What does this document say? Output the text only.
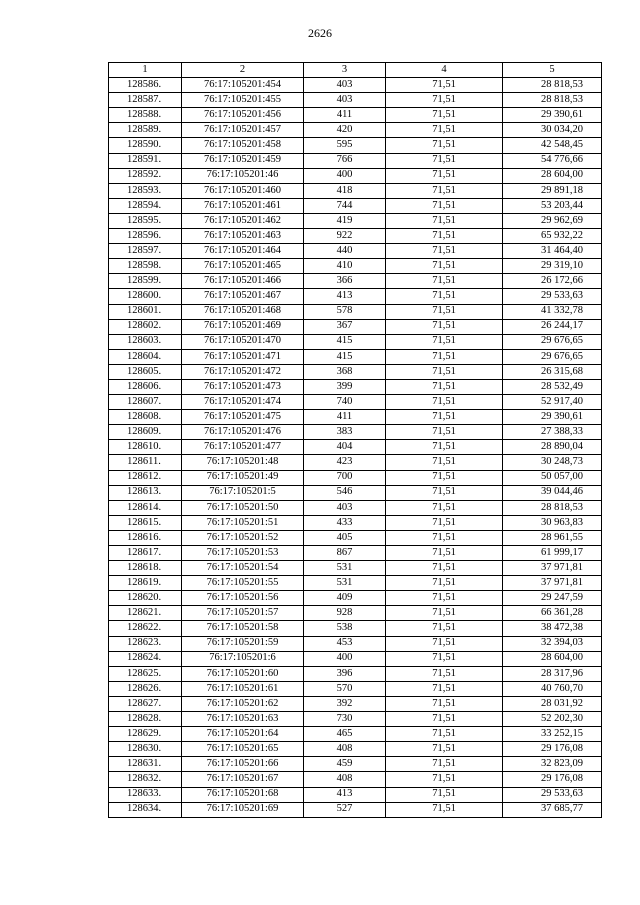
2626
1	2	3	4	5
128586.	76:17:105201:454	403	71,51	28 818,53
128587.	76:17:105201:455	403	71,51	28 818,53
128588.	76:17:105201:456	411	71,51	29 390,61
128589.	76:17:105201:457	420	71,51	30 034,20
128590.	76:17:105201:458	595	71,51	42 548,45
128591.	76:17:105201:459	766	71,51	54 776,66
128592.	76:17:105201:46	400	71,51	28 604,00
128593.	76:17:105201:460	418	71,51	29 891,18
128594.	76:17:105201:461	744	71,51	53 203,44
128595.	76:17:105201:462	419	71,51	29 962,69
128596.	76:17:105201:463	922	71,51	65 932,22
128597.	76:17:105201:464	440	71,51	31 464,40
128598.	76:17:105201:465	410	71,51	29 319,10
128599.	76:17:105201:466	366	71,51	26 172,66
128600.	76:17:105201:467	413	71,51	29 533,63
128601.	76:17:105201:468	578	71,51	41 332,78
128602.	76:17:105201:469	367	71,51	26 244,17
128603.	76:17:105201:470	415	71,51	29 676,65
128604.	76:17:105201:471	415	71,51	29 676,65
128605.	76:17:105201:472	368	71,51	26 315,68
128606.	76:17:105201:473	399	71,51	28 532,49
128607.	76:17:105201:474	740	71,51	52 917,40
128608.	76:17:105201:475	411	71,51	29 390,61
128609.	76:17:105201:476	383	71,51	27 388,33
128610.	76:17:105201:477	404	71,51	28 890,04
128611.	76:17:105201:48	423	71,51	30 248,73
128612.	76:17:105201:49	700	71,51	50 057,00
128613.	76:17:105201:5	546	71,51	39 044,46
128614.	76:17:105201:50	403	71,51	28 818,53
128615.	76:17:105201:51	433	71,51	30 963,83
128616.	76:17:105201:52	405	71,51	28 961,55
128617.	76:17:105201:53	867	71,51	61 999,17
128618.	76:17:105201:54	531	71,51	37 971,81
128619.	76:17:105201:55	531	71,51	37 971,81
128620.	76:17:105201:56	409	71,51	29 247,59
128621.	76:17:105201:57	928	71,51	66 361,28
128622.	76:17:105201:58	538	71,51	38 472,38
128623.	76:17:105201:59	453	71,51	32 394,03
128624.	76:17:105201:6	400	71,51	28 604,00
128625.	76:17:105201:60	396	71,51	28 317,96
128626.	76:17:105201:61	570	71,51	40 760,70
128627.	76:17:105201:62	392	71,51	28 031,92
128628.	76:17:105201:63	730	71,51	52 202,30
128629.	76:17:105201:64	465	71,51	33 252,15
128630.	76:17:105201:65	408	71,51	29 176,08
128631.	76:17:105201:66	459	71,51	32 823,09
128632.	76:17:105201:67	408	71,51	29 176,08
128633.	76:17:105201:68	413	71,51	29 533,63
128634.	76:17:105201:69	527	71,51	37 685,77
